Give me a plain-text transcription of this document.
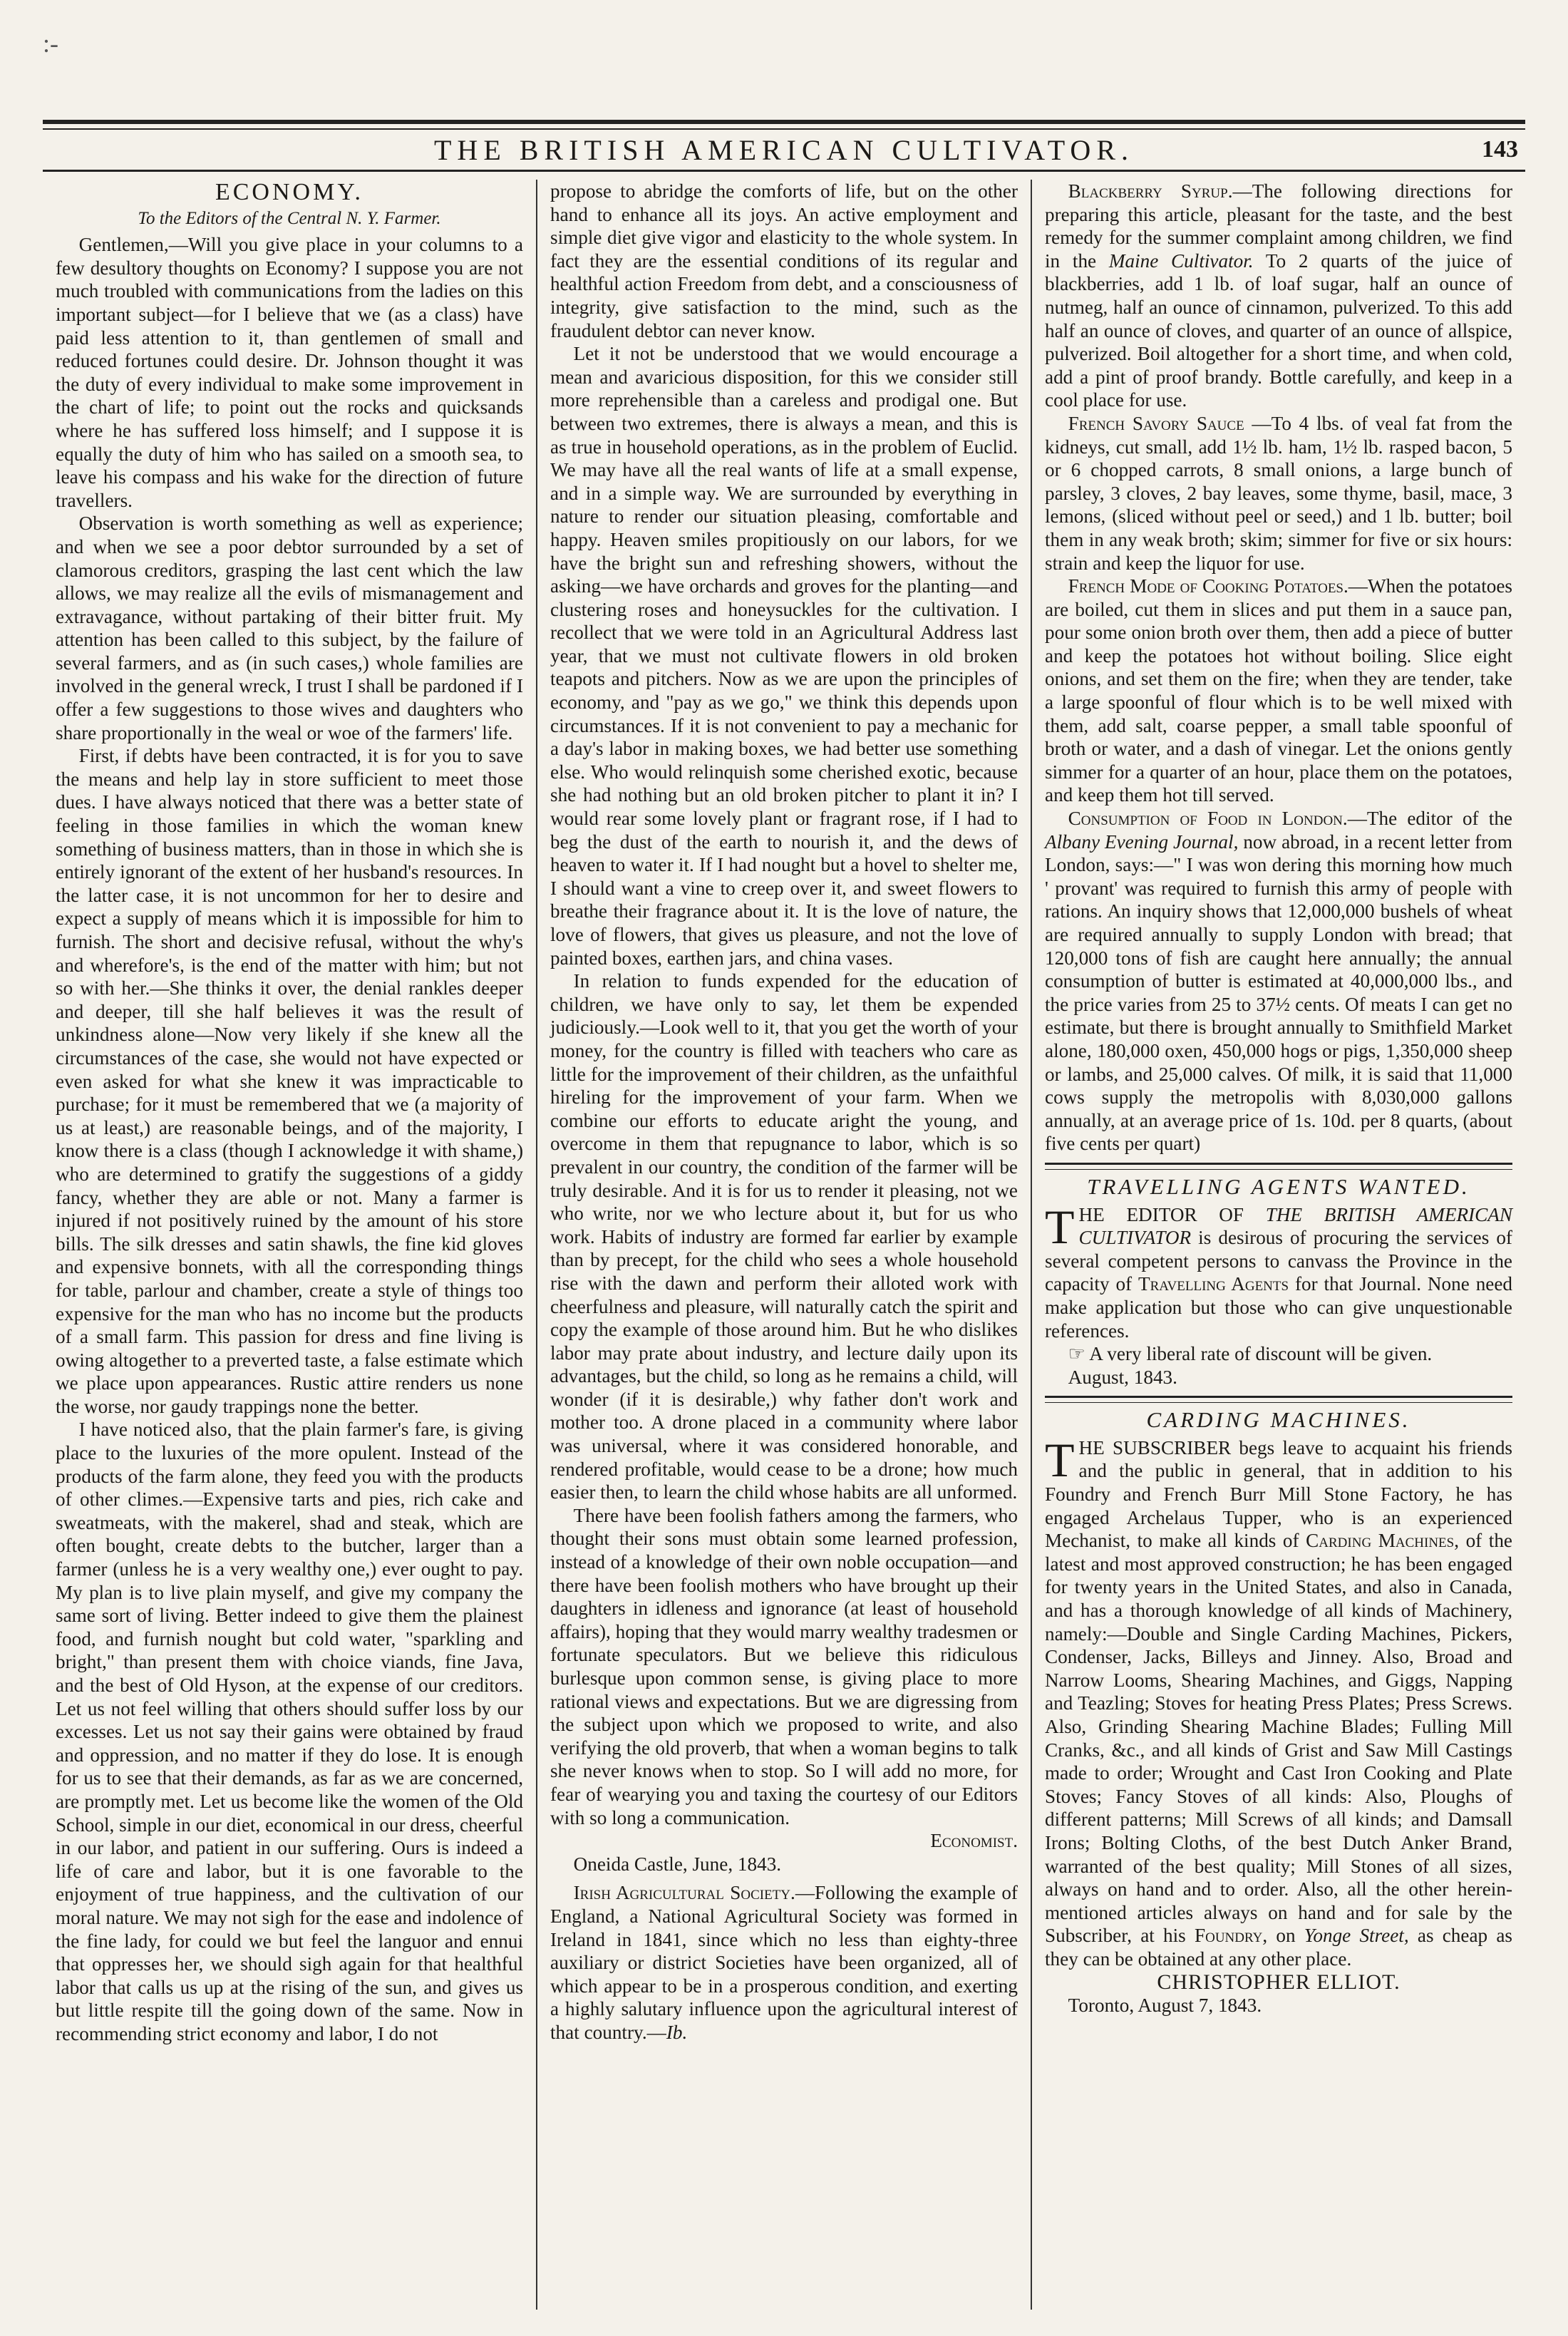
:-
THE BRITISH AMERICAN CULTIVATOR.	143
ECONOMY.
To the Editors of the Central N. Y. Farmer.

Gentlemen,—Will you give place in your columns to a few desultory thoughts on Economy? I suppose you are not much troubled with communications from the ladies on this important subject—for I believe that we (as a class) have paid less attention to it, than gentlemen of small and reduced fortunes could desire. Dr. Johnson thought it was the duty of every individual to make some improvement in the chart of life; to point out the rocks and quicksands where he has suffered loss himself; and I suppose it is equally the duty of him who has sailed on a smooth sea, to leave his compass and his wake for the direction of future travellers.

Observation is worth something as well as experience; and when we see a poor debtor surrounded by a set of clamorous creditors, grasping the last cent which the law allows, we may realize all the evils of mismanagement and extravagance, without partaking of their bitter fruit. My attention has been called to this subject, by the failure of several farmers, and as (in such cases,) whole families are involved in the general wreck, I trust I shall be pardoned if I offer a few suggestions to those wives and daughters who share proportionally in the weal or woe of the farmers' life.

First, if debts have been contracted, it is for you to save the means and help lay in store sufficient to meet those dues. I have always noticed that there was a better state of feeling in those families in which the woman knew something of business matters, than in those in which she is entirely ignorant of the extent of her husband's resources. In the latter case, it is not uncommon for her to desire and expect a supply of means which it is impossible for him to furnish. The short and decisive refusal, without the why's and wherefore's, is the end of the matter with him; but not so with her.—She thinks it over, the denial rankles deeper and deeper, till she half believes it was the result of unkindness alone—Now very likely if she knew all the circumstances of the case, she would not have expected or even asked for what she knew it was impracticable to purchase; for it must be remembered that we (a majority of us at least,) are reasonable beings, and of the majority, I know there is a class (though I acknowledge it with shame,) who are determined to gratify the suggestions of a giddy fancy, whether they are able or not. Many a farmer is injured if not positively ruined by the amount of his store bills. The silk dresses and satin shawls, the fine kid gloves and expensive bonnets, with all the corresponding things for table, parlour and chamber, create a style of things too expensive for the man who has no income but the products of a small farm. This passion for dress and fine living is owing altogether to a preverted taste, a false estimate which we place upon appearances. Rustic attire renders us none the worse, nor gaudy trappings none the better.

I have noticed also, that the plain farmer's fare, is giving place to the luxuries of the more opulent. Instead of the products of the farm alone, they feed you with the products of other climes.—Expensive tarts and pies, rich cake and sweatmeats, with the makerel, shad and steak, which are often bought, create debts to the butcher, larger than a farmer (unless he is a very wealthy one,) ever ought to pay. My plan is to live plain myself, and give my company the same sort of living. Better indeed to give them the plainest food, and furnish nought but cold water, "sparkling and bright," than present them with choice viands, fine Java, and the best of Old Hyson, at the expense of our creditors. Let us not feel willing that others should suffer loss by our excesses. Let us not say their gains were obtained by fraud and oppression, and no matter if they do lose. It is enough for us to see that their demands, as far as we are concerned, are promptly met. Let us become like the women of the Old School, simple in our diet, economical in our dress, cheerful in our labor, and patient in our suffering. Ours is indeed a life of care and labor, but it is one favorable to the enjoyment of true happiness, and the cultivation of our moral nature. We may not sigh for the ease and indolence of the fine lady, for could we but feel the languor and ennui that oppresses her, we should sigh again for that healthful labor that calls us up at the rising of the sun, and gives us but little respite till the going down of the same. Now in recommending strict economy and labor, I do not

propose to abridge the comforts of life, but on the other hand to enhance all its joys. An active employment and simple diet give vigor and elasticity to the whole system. In fact they are the essential conditions of its regular and healthful action Freedom from debt, and a consciousness of integrity, give satisfaction to the mind, such as the fraudulent debtor can never know.

Let it not be understood that we would encourage a mean and avaricious disposition, for this we consider still more reprehensible than a careless and prodigal one. But between two extremes, there is always a mean, and this is as true in household operations, as in the problem of Euclid. We may have all the real wants of life at a small expense, and in a simple way. We are surrounded by everything in nature to render our situation pleasing, comfortable and happy. Heaven smiles propitiously on our labors, for we have the bright sun and refreshing showers, without the asking—we have orchards and groves for the planting—and clustering roses and honeysuckles for the cultivation. I recollect that we were told in an Agricultural Address last year, that we must not cultivate flowers in old broken teapots and pitchers. Now as we are upon the principles of economy, and "pay as we go," we think this depends upon circumstances. If it is not convenient to pay a mechanic for a day's labor in making boxes, we had better use something else. Who would relinquish some cherished exotic, because she had nothing but an old broken pitcher to plant it in? I would rear some lovely plant or fragrant rose, if I had to beg the dust of the earth to nourish it, and the dews of heaven to water it. If I had nought but a hovel to shelter me, I should want a vine to creep over it, and sweet flowers to breathe their fragrance about it. It is the love of nature, the love of flowers, that gives us pleasure, and not the love of painted boxes, earthen jars, and china vases.

In relation to funds expended for the education of children, we have only to say, let them be expended judiciously.—Look well to it, that you get the worth of your money, for the country is filled with teachers who care as little for the improvement of their children, as the unfaithful hireling for the improvement of your farm. When we combine our efforts to educate aright the young, and overcome in them that repugnance to labor, which is so prevalent in our country, the condition of the farmer will be truly desirable. And it is for us to render it pleasing, not we who write, nor we who lecture about it, but for us who work. Habits of industry are formed far earlier by example than by precept, for the child who sees a whole household rise with the dawn and perform their alloted work with cheerfulness and pleasure, will naturally catch the spirit and copy the example of those around him. But he who dislikes labor may prate about industry, and lecture daily upon its advantages, but the child, so long as he remains a child, will wonder (if it is desirable,) why father don't work and mother too. A drone placed in a community where labor was universal, where it was considered honorable, and rendered profitable, would cease to be a drone; how much easier then, to learn the child whose habits are all unformed.

There have been foolish fathers among the farmers, who thought their sons must obtain some learned profession, instead of a knowledge of their own noble occupation—and there have been foolish mothers who have brought up their daughters in idleness and ignorance (at least of household affairs), hoping that they would marry wealthy tradesmen or fortunate speculators. But we believe this ridiculous burlesque upon common sense, is giving place to more rational views and expectations. But we are digressing from the subject upon which we proposed to write, and also verifying the old proverb, that when a woman begins to talk she never knows when to stop. So I will add no more, for fear of wearying you and taxing the courtesy of our Editors with so long a communication.

Economist.

Oneida Castle, June, 1843.

Irish Agricultural Society.—Following the example of England, a National Agricultural Society was formed in Ireland in 1841, since which no less than eighty-three auxiliary or district Societies have been organized, all of which appear to be in a prosperous condition, and exerting a highly salutary influence upon the agricultural interest of that country.—Ib.

Blackberry Syrup.—The following directions for preparing this article, pleasant for the taste, and the best remedy for the summer complaint among children, we find in the Maine Cultivator. To 2 quarts of the juice of blackberries, add 1 lb. of loaf sugar, half an ounce of nutmeg, half an ounce of cinnamon, pulverized. To this add half an ounce of cloves, and quarter of an ounce of allspice, pulverized. Boil altogether for a short time, and when cold, add a pint of proof brandy. Bottle carefully, and keep in a cool place for use.

French Savory Sauce —To 4 lbs. of veal fat from the kidneys, cut small, add 1½ lb. ham, 1½ lb. rasped bacon, 5 or 6 chopped carrots, 8 small onions, a large bunch of parsley, 3 cloves, 2 bay leaves, some thyme, basil, mace, 3 lemons, (sliced without peel or seed,) and 1 lb. butter; boil them in any weak broth; skim; simmer for five or six hours: strain and keep the liquor for use.

French Mode of Cooking Potatoes.—When the potatoes are boiled, cut them in slices and put them in a sauce pan, pour some onion broth over them, then add a piece of butter and keep the potatoes hot without boiling. Slice eight onions, and set them on the fire; when they are tender, take a large spoonful of flour which is to be well mixed with them, add salt, coarse pepper, a small table spoonful of broth or water, and a dash of vinegar. Let the onions gently simmer for a quarter of an hour, place them on the potatoes, and keep them hot till served.

Consumption of Food in London.—The editor of the Albany Evening Journal, now abroad, in a recent letter from London, says:—" I was won dering this morning how much ' provant' was required to furnish this army of people with rations. An inquiry shows that 12,000,000 bushels of wheat are required annually to supply London with bread; that 120,000 tons of fish are caught here annually; the annual consumption of butter is estimated at 40,000,000 lbs., and the price varies from 25 to 37½ cents. Of meats I can get no estimate, but there is brought annually to Smithfield Market alone, 180,000 oxen, 450,000 hogs or pigs, 1,350,000 sheep or lambs, and 25,000 calves. Of milk, it is said that 11,000 cows supply the metropolis with 8,030,000 gallons annually, at an average price of 1s. 10d. per 8 quarts, (about five cents per quart)

TRAVELLING AGENTS WANTED.

THE EDITOR OF THE BRITISH AMERICAN CULTIVATOR is desirous of procuring the services of several competent persons to canvass the Province in the capacity of Travelling Agents for that Journal. None need make application but those who can give unquestionable references.

☞ A very liberal rate of discount will be given.

August, 1843.

CARDING MACHINES.

THE SUBSCRIBER begs leave to acquaint his friends and the public in general, that in addition to his Foundry and French Burr Mill Stone Factory, he has engaged Archelaus Tupper, who is an experienced Mechanist, to make all kinds of Carding Machines, of the latest and most approved construction; he has been engaged for twenty years in the United States, and also in Canada, and has a thorough knowledge of all kinds of Machinery, namely:—Double and Single Carding Machines, Pickers, Condenser, Jacks, Billeys and Jinney. Also, Broad and Narrow Looms, Shearing Machines, and Giggs, Napping and Teazling; Stoves for heating Press Plates; Press Screws. Also, Grinding Shearing Machine Blades; Fulling Mill Cranks, &c., and all kinds of Grist and Saw Mill Castings made to order; Wrought and Cast Iron Cooking and Plate Stoves; Fancy Stoves of all kinds: Also, Ploughs of different patterns; Mill Screws of all kinds; and Damsall Irons; Bolting Cloths, of the best Dutch Anker Brand, warranted of the best quality; Mill Stones of all sizes, always on hand and to order. Also, all the other herein-mentioned articles always on hand and for sale by the Subscriber, at his Foundry, on Yonge Street, as cheap as they can be obtained at any other place.

CHRISTOPHER ELLIOT.

Toronto, August 7, 1843.
